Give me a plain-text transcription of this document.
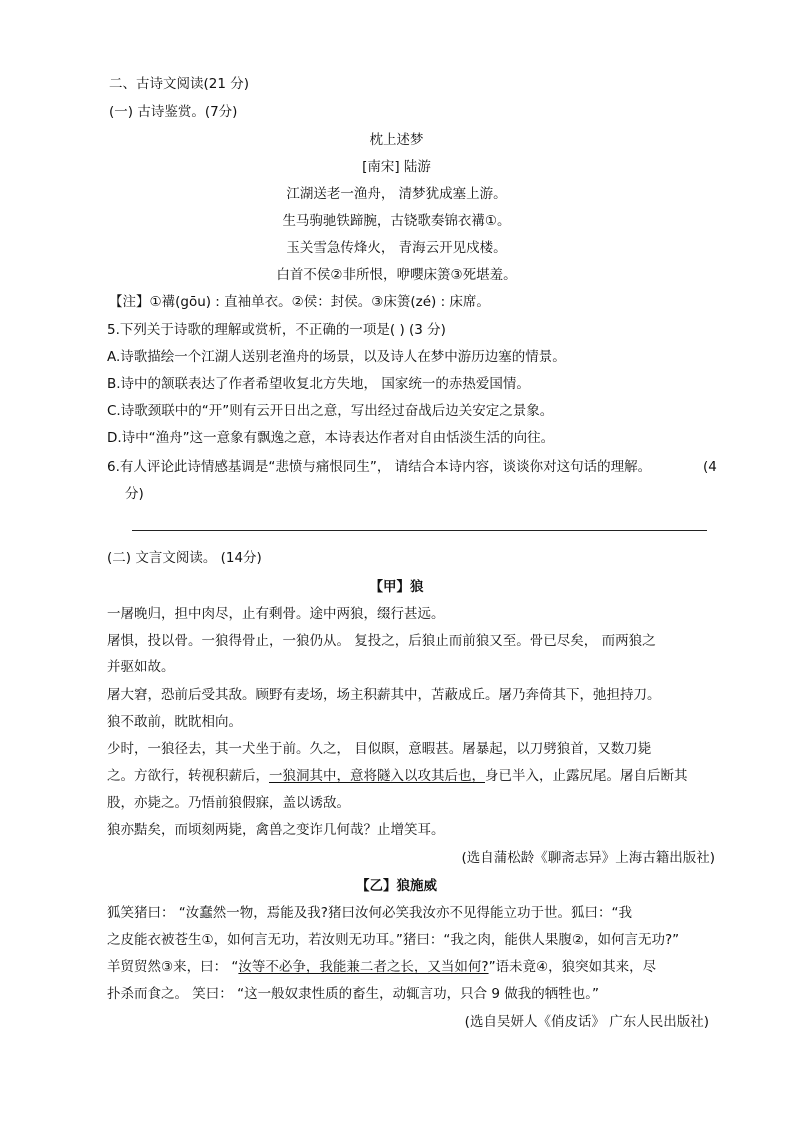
二、古诗文阅读(21 分)
(一) 古诗鉴赏。(7分)
枕上述梦
[南宋] 陆游
江湖送老一渔舟， 清梦犹成塞上游。
生马驹驰铁蹄腕，古铙歌奏锦衣褠①。
玉关雪急传烽火， 青海云开见戍楼。
白首不侯②非所恨，咿嚶床箦③死堪羞。
【注】①褠(gōu) : 直袖单衣。②侯：封侯。③床箦(zé) : 床席。
5.下列关于诗歌的理解或赏析，不正确的一项是( ) (3 分)
A.诗歌描绘一个江湖人送别老渔舟的场景，以及诗人在梦中游历边塞的情景。
B.诗中的颔联表达了作者希望收复北方失地， 国家统一的赤热爱国情。
C.诗歌颈联中的“开”则有云开日出之意，写出经过奋战后边关安定之景象。
D.诗中“渔舟”这一意象有飘逸之意，本诗表达作者对自由恬淡生活的向往。
6.有人评论此诗情感基调是“悲愤与痛恨同生”， 请结合本诗内容，谈谈你对这句话的理解。	(4
分)
(二) 文言文阅读。 (14分)
【甲】狼
一屠晚归，担中肉尽，止有剩骨。途中两狼，缀行甚远。
屠惧，投以骨。一狼得骨止，一狼仍从。 复投之，后狼止而前狼又至。骨已尽矣， 而两狼之
并驱如故。
屠大窘，恐前后受其敌。顾野有麦场，场主积薪其中，苫蔽成丘。屠乃奔倚其下，弛担持刀。
狼不敢前，眈眈相向。
少时，一狼径去，其一犬坐于前。久之， 目似瞑，意暇甚。屠暴起，以刀劈狼首，又数刀毙
之。方欲行，转视积薪后，一狼洞其中，意将隧入以攻其后也，身已半入，止露尻尾。屠自后断其
股，亦毙之。乃悟前狼假寐，盖以诱敌。
狼亦黠矣，而顷刻两毙，禽兽之变诈几何哉？止增笑耳。
(选自蒲松龄《聊斋志异》上海古籍出版社)
【乙】狼施威
狐笑猪曰： “汝蠢然一物，焉能及我?猪曰汝何必笑我汝亦不见得能立功于世。狐曰：“我
之皮能衣被苍生①，如何言无功，若汝则无功耳。”猪曰：“我之肉，能供人果腹②，如何言无功?”
羊贸贸然③来，曰： “汝等不必争，我能兼二者之长，又当如何?”语未竟④，狼突如其来，尽
扑杀而食之。 笑曰： “这一般奴隶性质的畜生，动辄言功，只合 9 做我的牺牲也。”
(选自吴妍人《俏皮话》 广东人民出版社)
